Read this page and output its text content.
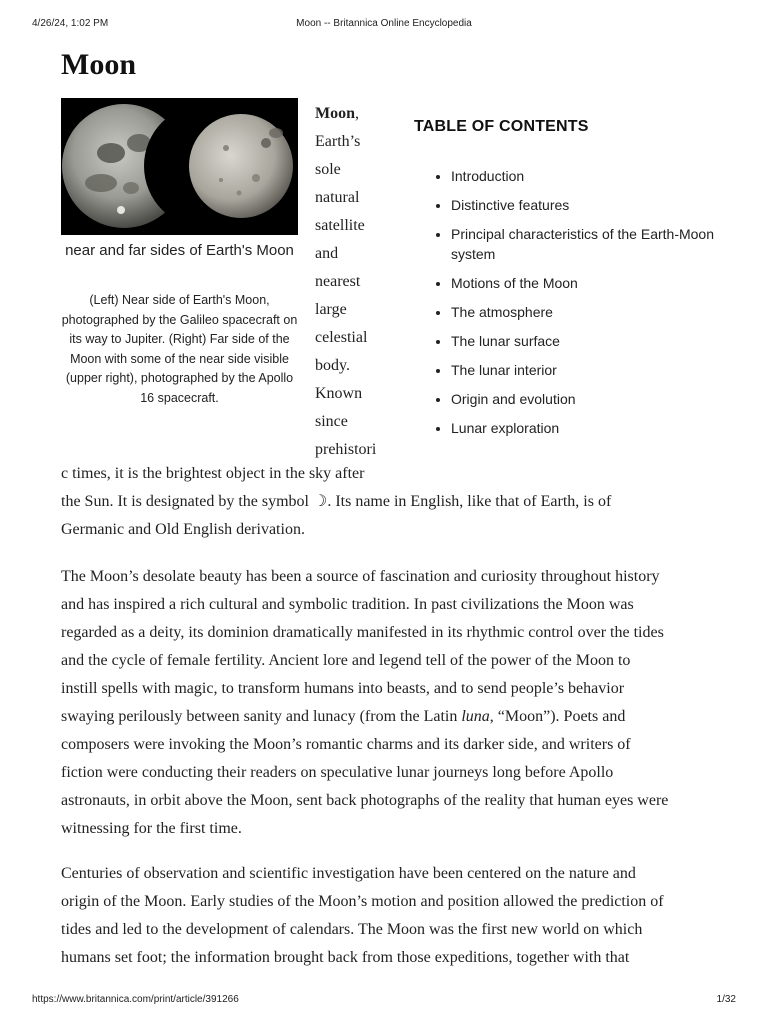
4/26/24, 1:02 PM	Moon -- Britannica Online Encyclopedia
Moon
near and far sides of Earth's Moon
(Left) Near side of Earth's Moon, photographed by the Galileo spacecraft on its way to Jupiter. (Right) Far side of the Moon with some of the near side visible (upper right), photographed by the Apollo 16 spacecraft.
Moon,
Earth’s
sole
natural
satellite
and
nearest
large
celestial
body.
Known
since
prehistori
TABLE OF CONTENTS
• Introduction
• Distinctive features
• Principal characteristics of the Earth-Moon system
• Motions of the Moon
• The atmosphere
• The lunar surface
• The lunar interior
• Origin and evolution
• Lunar exploration
c times, it is the brightest object in the sky after
the Sun. It is designated by the symbol ☽. Its name in English, like that of Earth, is of
Germanic and Old English derivation.
The Moon’s desolate beauty has been a source of fascination and curiosity throughout history
and has inspired a rich cultural and symbolic tradition. In past civilizations the Moon was
regarded as a deity, its dominion dramatically manifested in its rhythmic control over the tides
and the cycle of female fertility. Ancient lore and legend tell of the power of the Moon to
instill spells with magic, to transform humans into beasts, and to send people’s behavior
swaying perilously between sanity and lunacy (from the Latin luna, “Moon”). Poets and
composers were invoking the Moon’s romantic charms and its darker side, and writers of
fiction were conducting their readers on speculative lunar journeys long before Apollo
astronauts, in orbit above the Moon, sent back photographs of the reality that human eyes were
witnessing for the first time.
Centuries of observation and scientific investigation have been centered on the nature and
origin of the Moon. Early studies of the Moon’s motion and position allowed the prediction of
tides and led to the development of calendars. The Moon was the first new world on which
humans set foot; the information brought back from those expeditions, together with that
https://www.britannica.com/print/article/391266	1/32
